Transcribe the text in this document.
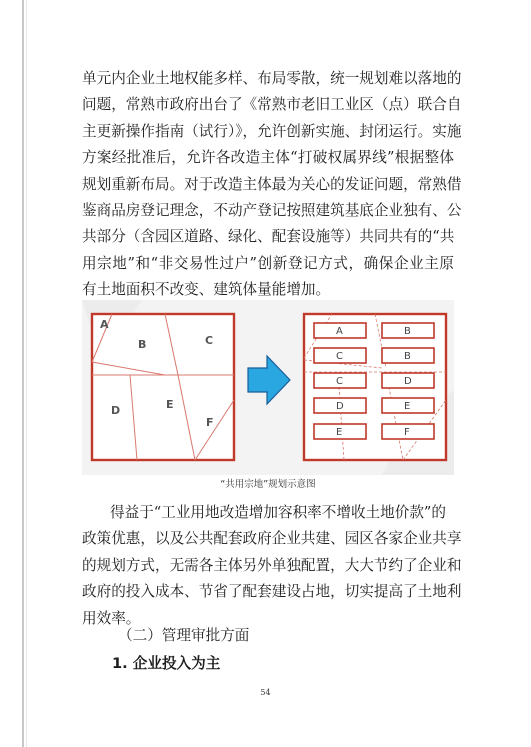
单元内企业土地权能多样、布局零散，统一规划难以落地的
问题，常熟市政府出台了《常熟市老旧工业区（点）联合自
主更新操作指南（试行）》，允许创新实施、封闭运行。实施
方案经批准后，允许各改造主体“打破权属界线”根据整体
规划重新布局。对于改造主体最为关心的发证问题，常熟借
鉴商品房登记理念，不动产登记按照建筑基底企业独有、公
共部分（含园区道路、绿化、配套设施等）共同共有的“共
用宗地”和“非交易性过户”创新登记方式，确保企业主原
有土地面积不改变、建筑体量能增加。
A
B	C
D	E
F
A	B
C	B
C	D
D	E
E	F
“共用宗地”规划示意图
得益于“工业用地改造增加容积率不增收土地价款”的
政策优惠，以及公共配套政府企业共建、园区各家企业共享
的规划方式，无需各主体另外单独配置，大大节约了企业和
政府的投入成本、节省了配套建设占地，切实提高了土地利
用效率。
（二）管理审批方面
1. 企业投入为主
54
